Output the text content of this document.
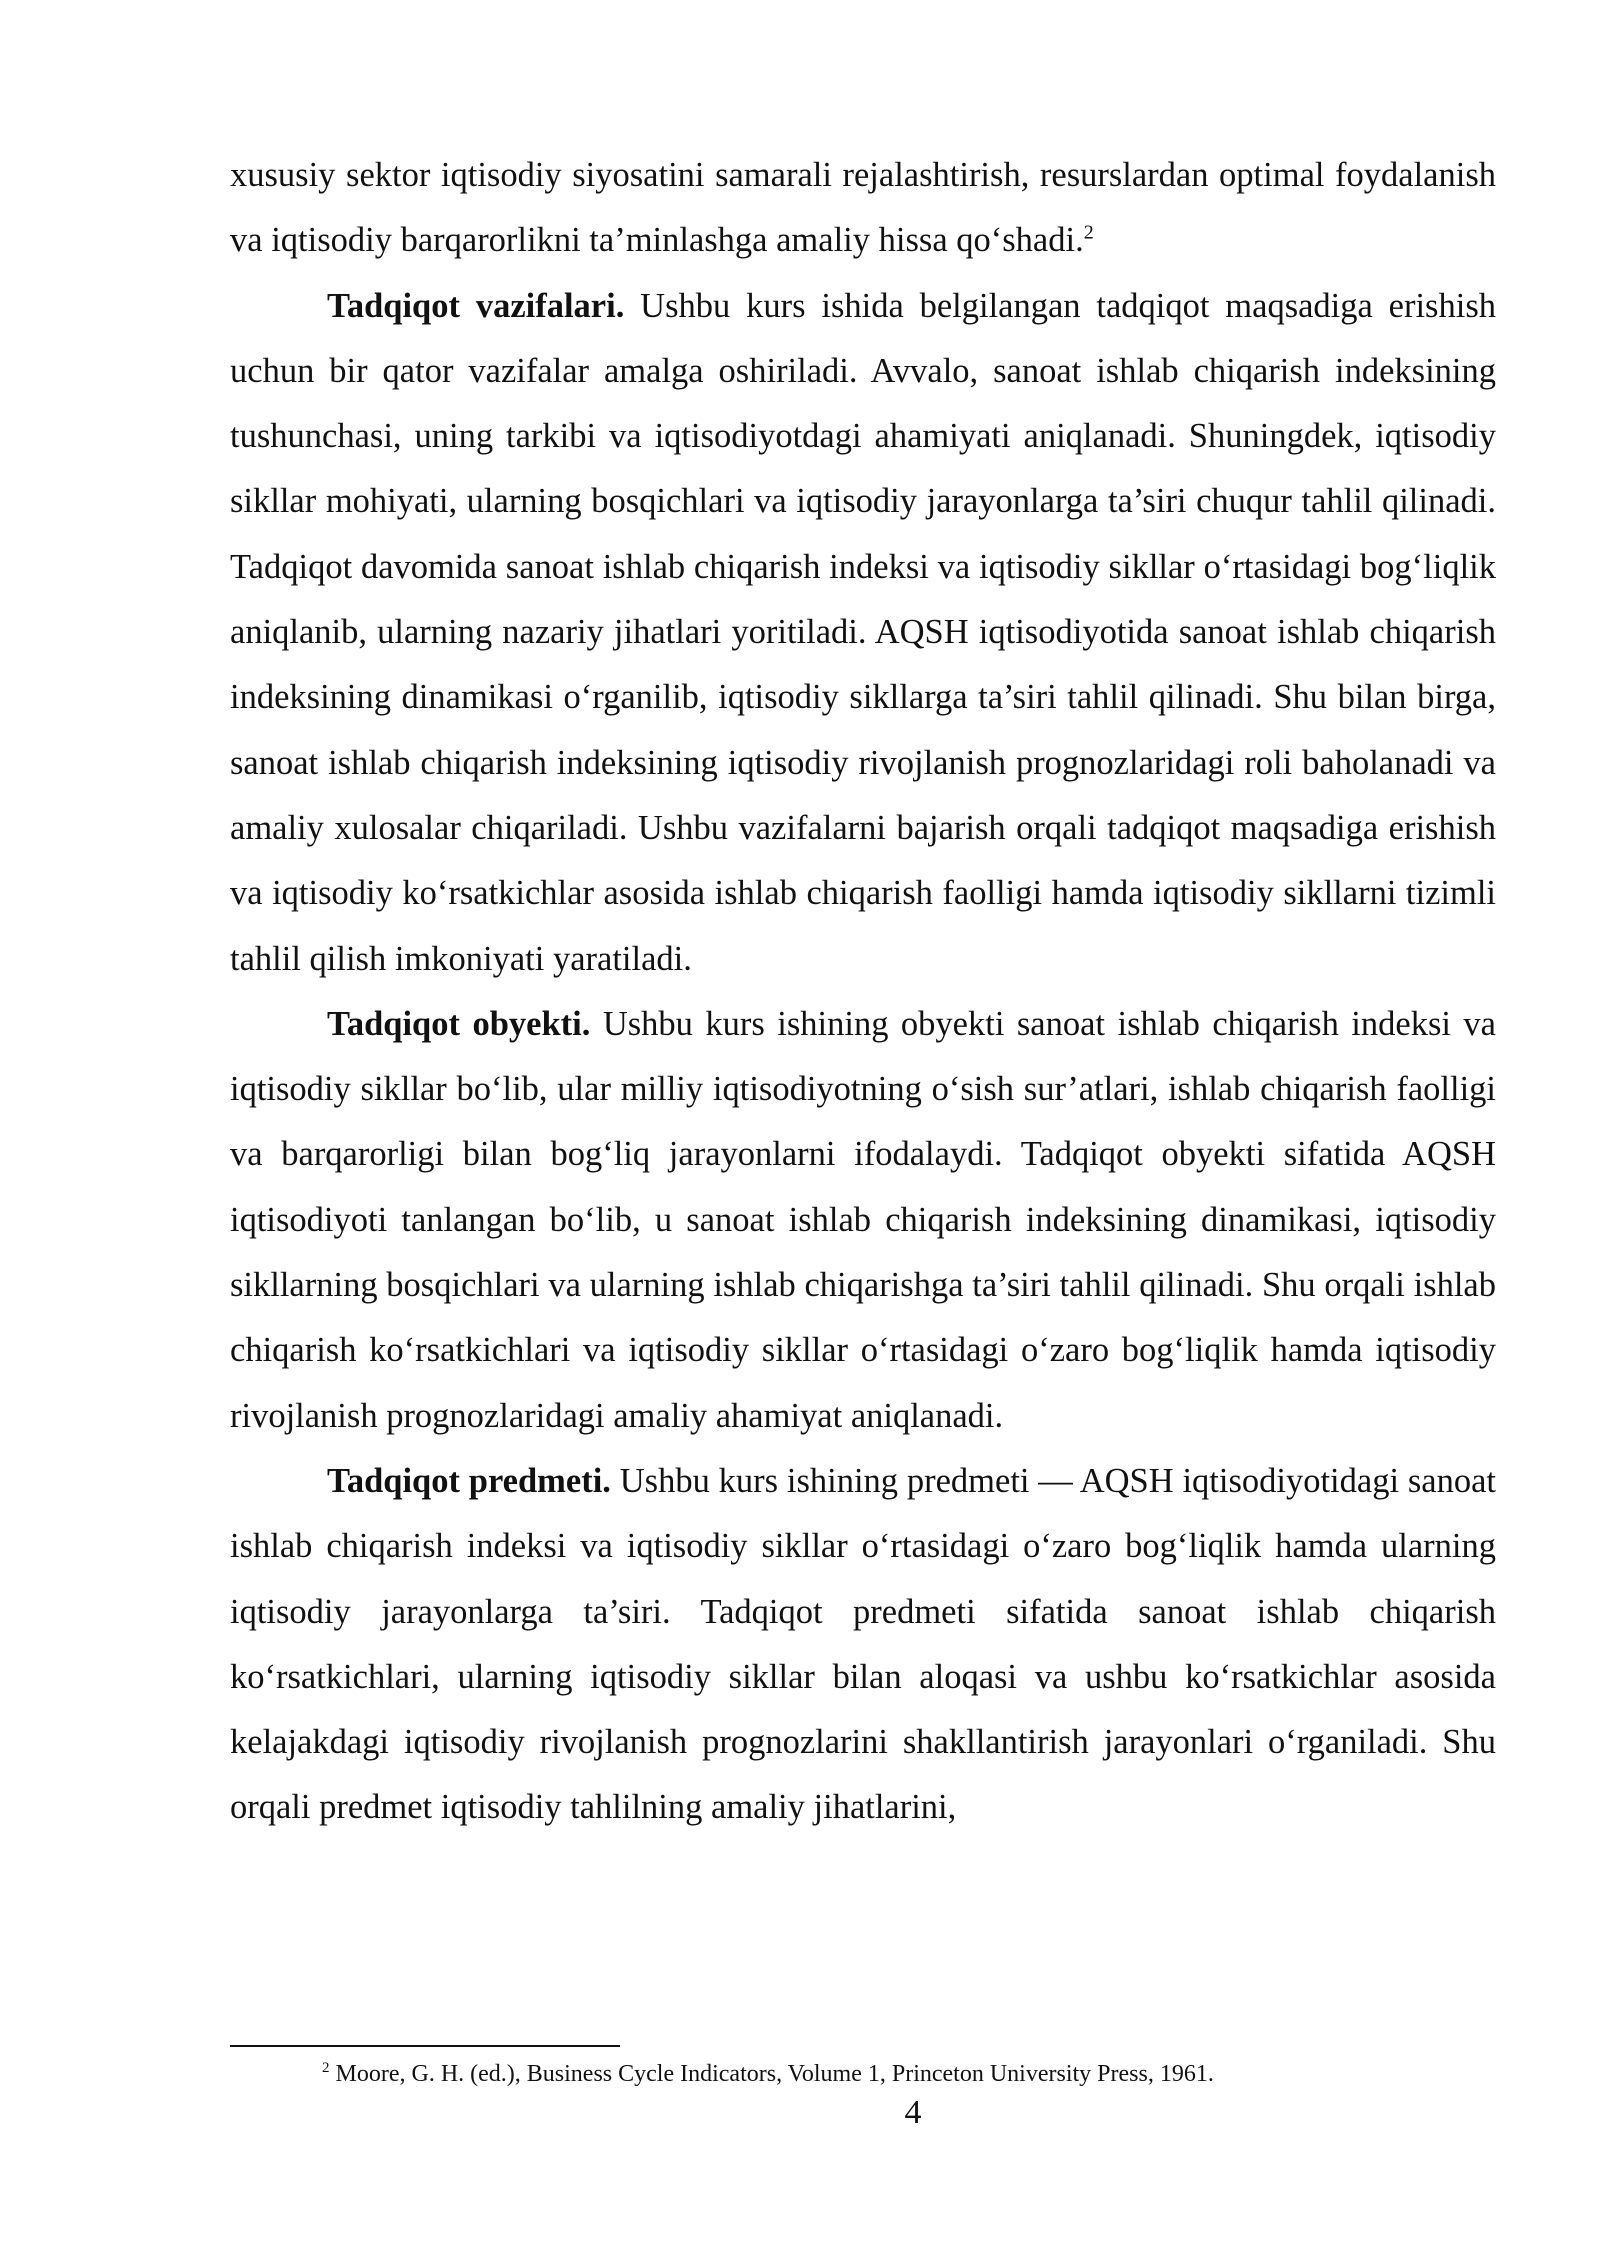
xususiy sektor iqtisodiy siyosatini samarali rejalashtirish, resurslardan optimal foydalanish va iqtisodiy barqarorlikni ta’minlashga amaliy hissa qo‘shadi.$^2$

Tadqiqot vazifalari. Ushbu kurs ishida belgilangan tadqiqot maqsadiga erishish uchun bir qator vazifalar amalga oshiriladi. Avvalo, sanoat ishlab chiqarish indeksining tushunchasi, uning tarkibi va iqtisodiyotdagi ahamiyati aniqlanadi. Shuningdek, iqtisodiy sikllar mohiyati, ularning bosqichlari va iqtisodiy jarayonlarga ta’siri chuqur tahlil qilinadi. Tadqiqot davomida sanoat ishlab chiqarish indeksi va iqtisodiy sikllar o‘rtasidagi bog‘liqlik aniqlanib, ularning nazariy jihatlari yoritiladi. AQSH iqtisodiyotida sanoat ishlab chiqarish indeksining dinamikasi o‘rganilib, iqtisodiy sikllarga ta’siri tahlil qilinadi. Shu bilan birga, sanoat ishlab chiqarish indeksining iqtisodiy rivojlanish prognozlaridagi roli baholanadi va amaliy xulosalar chiqariladi. Ushbu vazifalarni bajarish orqali tadqiqot maqsadiga erishish va iqtisodiy ko‘rsatkichlar asosida ishlab chiqarish faolligi hamda iqtisodiy sikllarni tizimli tahlil qilish imkoniyati yaratiladi.

Tadqiqot obyekti. Ushbu kurs ishining obyekti sanoat ishlab chiqarish indeksi va iqtisodiy sikllar bo‘lib, ular milliy iqtisodiyotning o‘sish sur’atlari, ishlab chiqarish faolligi va barqarorligi bilan bog‘liq jarayonlarni ifodalaydi. Tadqiqot obyekti sifatida AQSH iqtisodiyoti tanlangan bo‘lib, u sanoat ishlab chiqarish indeksining dinamikasi, iqtisodiy sikllarning bosqichlari va ularning ishlab chiqarishga ta’siri tahlil qilinadi. Shu orqali ishlab chiqarish ko‘rsatkichlari va iqtisodiy sikllar o‘rtasidagi o‘zaro bog‘liqlik hamda iqtisodiy rivojlanish prognozlaridagi amaliy ahamiyat aniqlanadi.

Tadqiqot predmeti. Ushbu kurs ishining predmeti — AQSH iqtisodiyotidagi sanoat ishlab chiqarish indeksi va iqtisodiy sikllar o‘rtasidagi o‘zaro bog‘liqlik hamda ularning iqtisodiy jarayonlarga ta’siri. Tadqiqot predmeti sifatida sanoat ishlab chiqarish ko‘rsatkichlari, ularning iqtisodiy sikllar bilan aloqasi va ushbu ko‘rsatkichlar asosida kelajakdagi iqtisodiy rivojlanish prognozlarini shakllantirish jarayonlari o‘rganiladi. Shu orqali predmet iqtisodiy tahlilning amaliy jihatlarini,

$^2$ Moore, G. H. (ed.), Business Cycle Indicators, Volume 1, Princeton University Press, 1961.
4
